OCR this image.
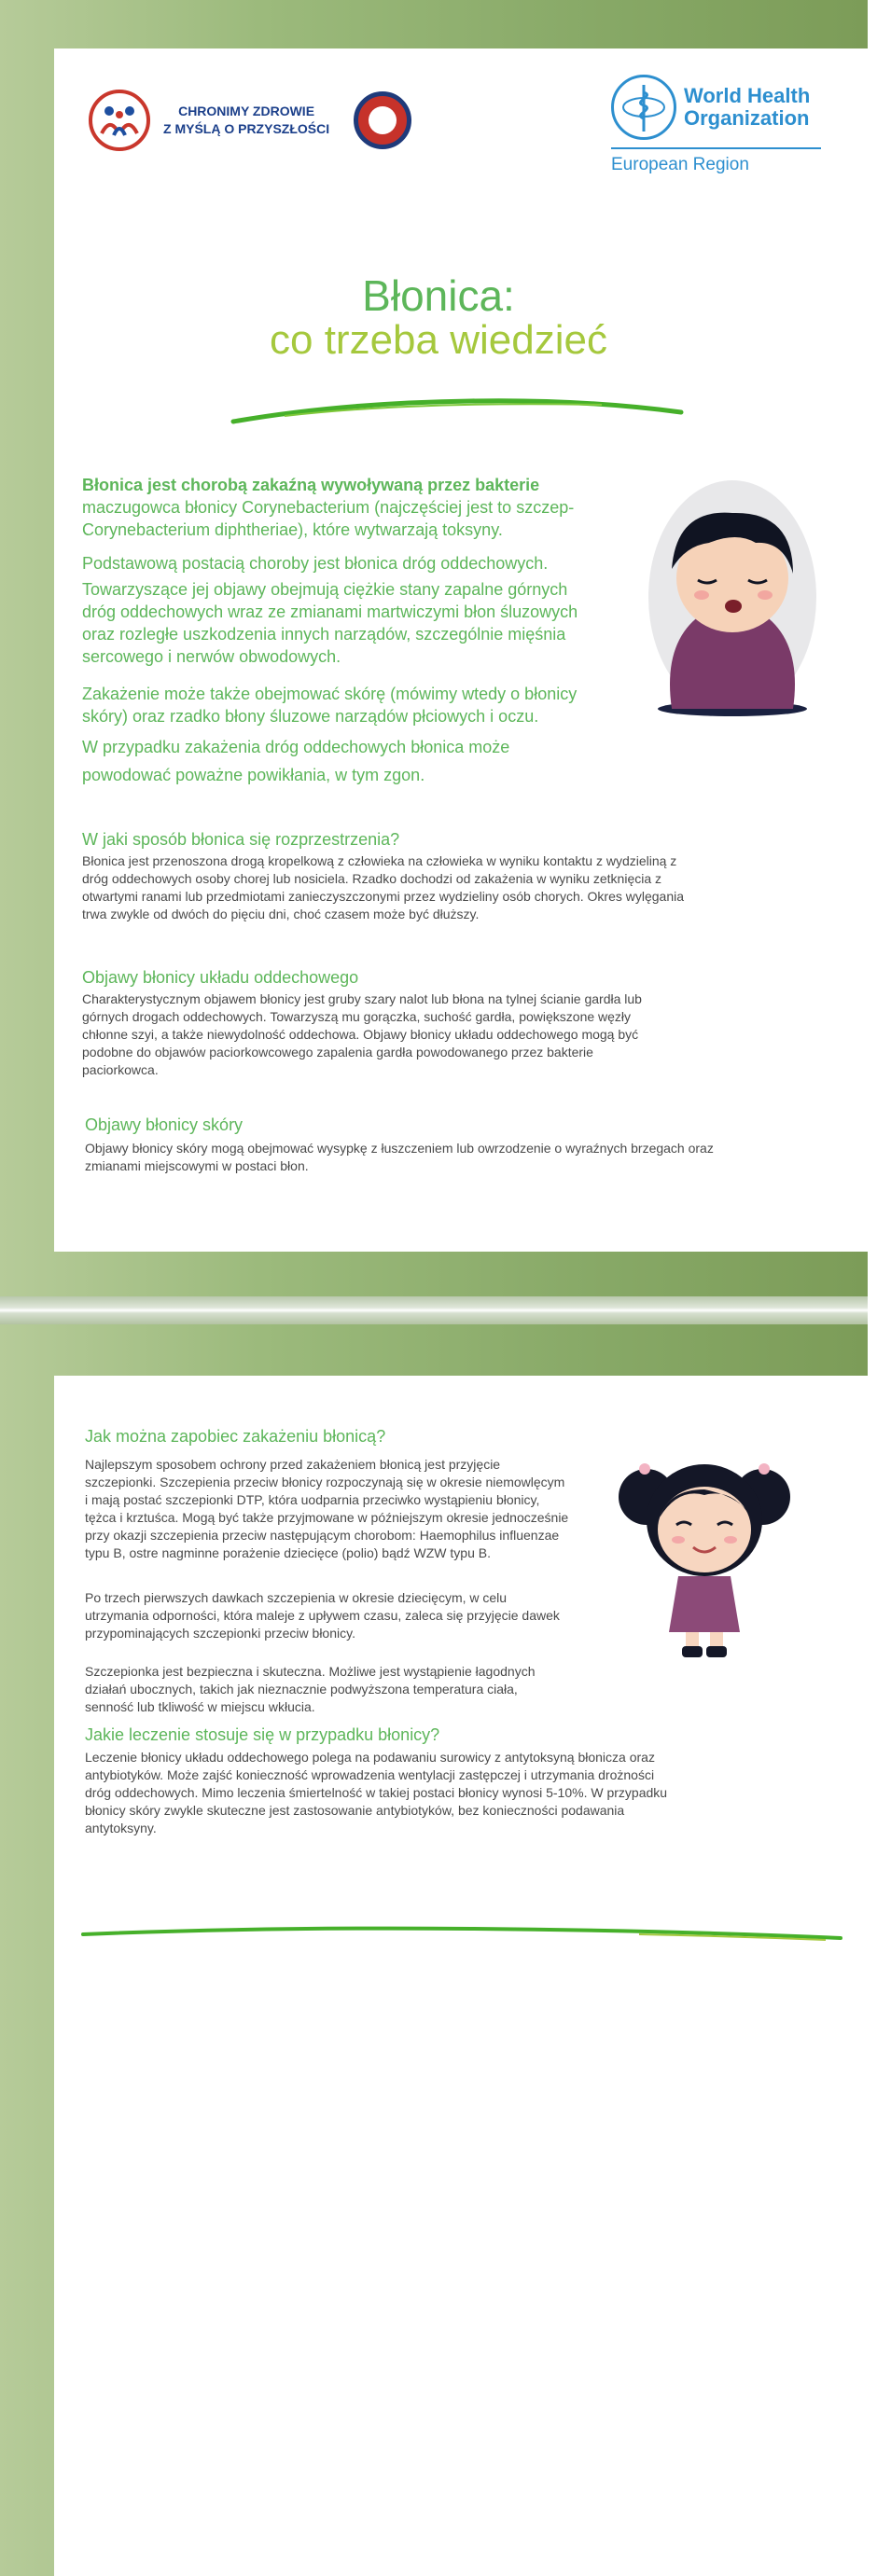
CHRONIMY ZDROWIE
Z MYŚLĄ O PRZYSZŁOŚCI
World Health
Organization
European Region
Błonica:
co trzeba wiedzieć
Błonica jest chorobą zakaźną wywoływaną przez bakterie maczugowca błonicy Corynebacterium (najczęściej jest to szczep-Corynebacterium diphtheriae), które wytwarzają toksyny.
Podstawową postacią choroby jest błonica dróg oddechowych.
Towarzyszące jej objawy obejmują ciężkie stany zapalne górnych dróg oddechowych wraz ze zmianami martwiczymi błon śluzowych oraz rozległe uszkodzenia innych narządów, szczególnie mięśnia sercowego i nerwów obwodowych.
Zakażenie może także obejmować skórę (mówimy wtedy o błonicy skóry) oraz rzadko błony śluzowe narządów płciowych i oczu.
W przypadku zakażenia dróg oddechowych błonica może powodować poważne powikłania, w tym zgon.
W jaki sposób błonica się rozprzestrzenia?
Błonica jest przenoszona drogą kropelkową z człowieka na człowieka w wyniku kontaktu z wydzieliną z dróg oddechowych osoby chorej lub nosiciela. Rzadko dochodzi od zakażenia w wyniku zetknięcia z otwartymi ranami lub przedmiotami zanieczyszczonymi przez wydzieliny osób chorych. Okres wylęgania trwa zwykle od dwóch do pięciu dni, choć czasem może być dłuższy.
Objawy błonicy układu oddechowego
Charakterystycznym objawem błonicy jest gruby szary nalot lub błona na tylnej ścianie gardła lub górnych drogach oddechowych. Towarzyszą mu gorączka, suchość gardła, powiększone węzły chłonne szyi, a także niewydolność oddechowa. Objawy błonicy układu oddechowego mogą być podobne do objawów paciorkowcowego zapalenia gardła powodowanego przez bakterie paciorkowca.
Objawy błonicy skóry
Objawy błonicy skóry mogą obejmować wysypkę z łuszczeniem lub owrzodzenie o wyraźnych brzegach oraz zmianami miejscowymi w postaci błon.
Jak można zapobiec zakażeniu błonicą?
Najlepszym sposobem ochrony przed zakażeniem błonicą jest przyjęcie szczepionki. Szczepienia przeciw błonicy rozpoczynają się w okresie niemowlęcym i mają postać szczepionki DTP, która uodparnia przeciwko wystąpieniu błonicy, tężca i krztuśca. Mogą być także przyjmowane w późniejszym okresie jednocześnie przy okazji szczepienia przeciw następującym chorobom: Haemophilus influenzae typu B, ostre nagminne porażenie dziecięce (polio) bądź WZW typu B.
Po trzech pierwszych dawkach szczepienia w okresie dziecięcym, w celu utrzymania odporności, która maleje z upływem czasu, zaleca się przyjęcie dawek przypominających szczepionki przeciw błonicy.
Szczepionka jest bezpieczna i skuteczna. Możliwe jest wystąpienie łagodnych działań ubocznych, takich jak nieznacznie podwyższona temperatura ciała, senność lub tkliwość w miejscu wkłucia.
Jakie leczenie stosuje się w przypadku błonicy?
Leczenie błonicy układu oddechowego polega na podawaniu surowicy z antytoksyną błonicza oraz antybiotyków. Może zajść konieczność wprowadzenia wentylacji zastępczej i utrzymania drożności dróg oddechowych. Mimo leczenia śmiertelność w takiej postaci błonicy wynosi 5-10%. W przypadku błonicy skóry zwykle skuteczne jest zastosowanie antybiotyków, bez konieczności podawania antytoksyny.
